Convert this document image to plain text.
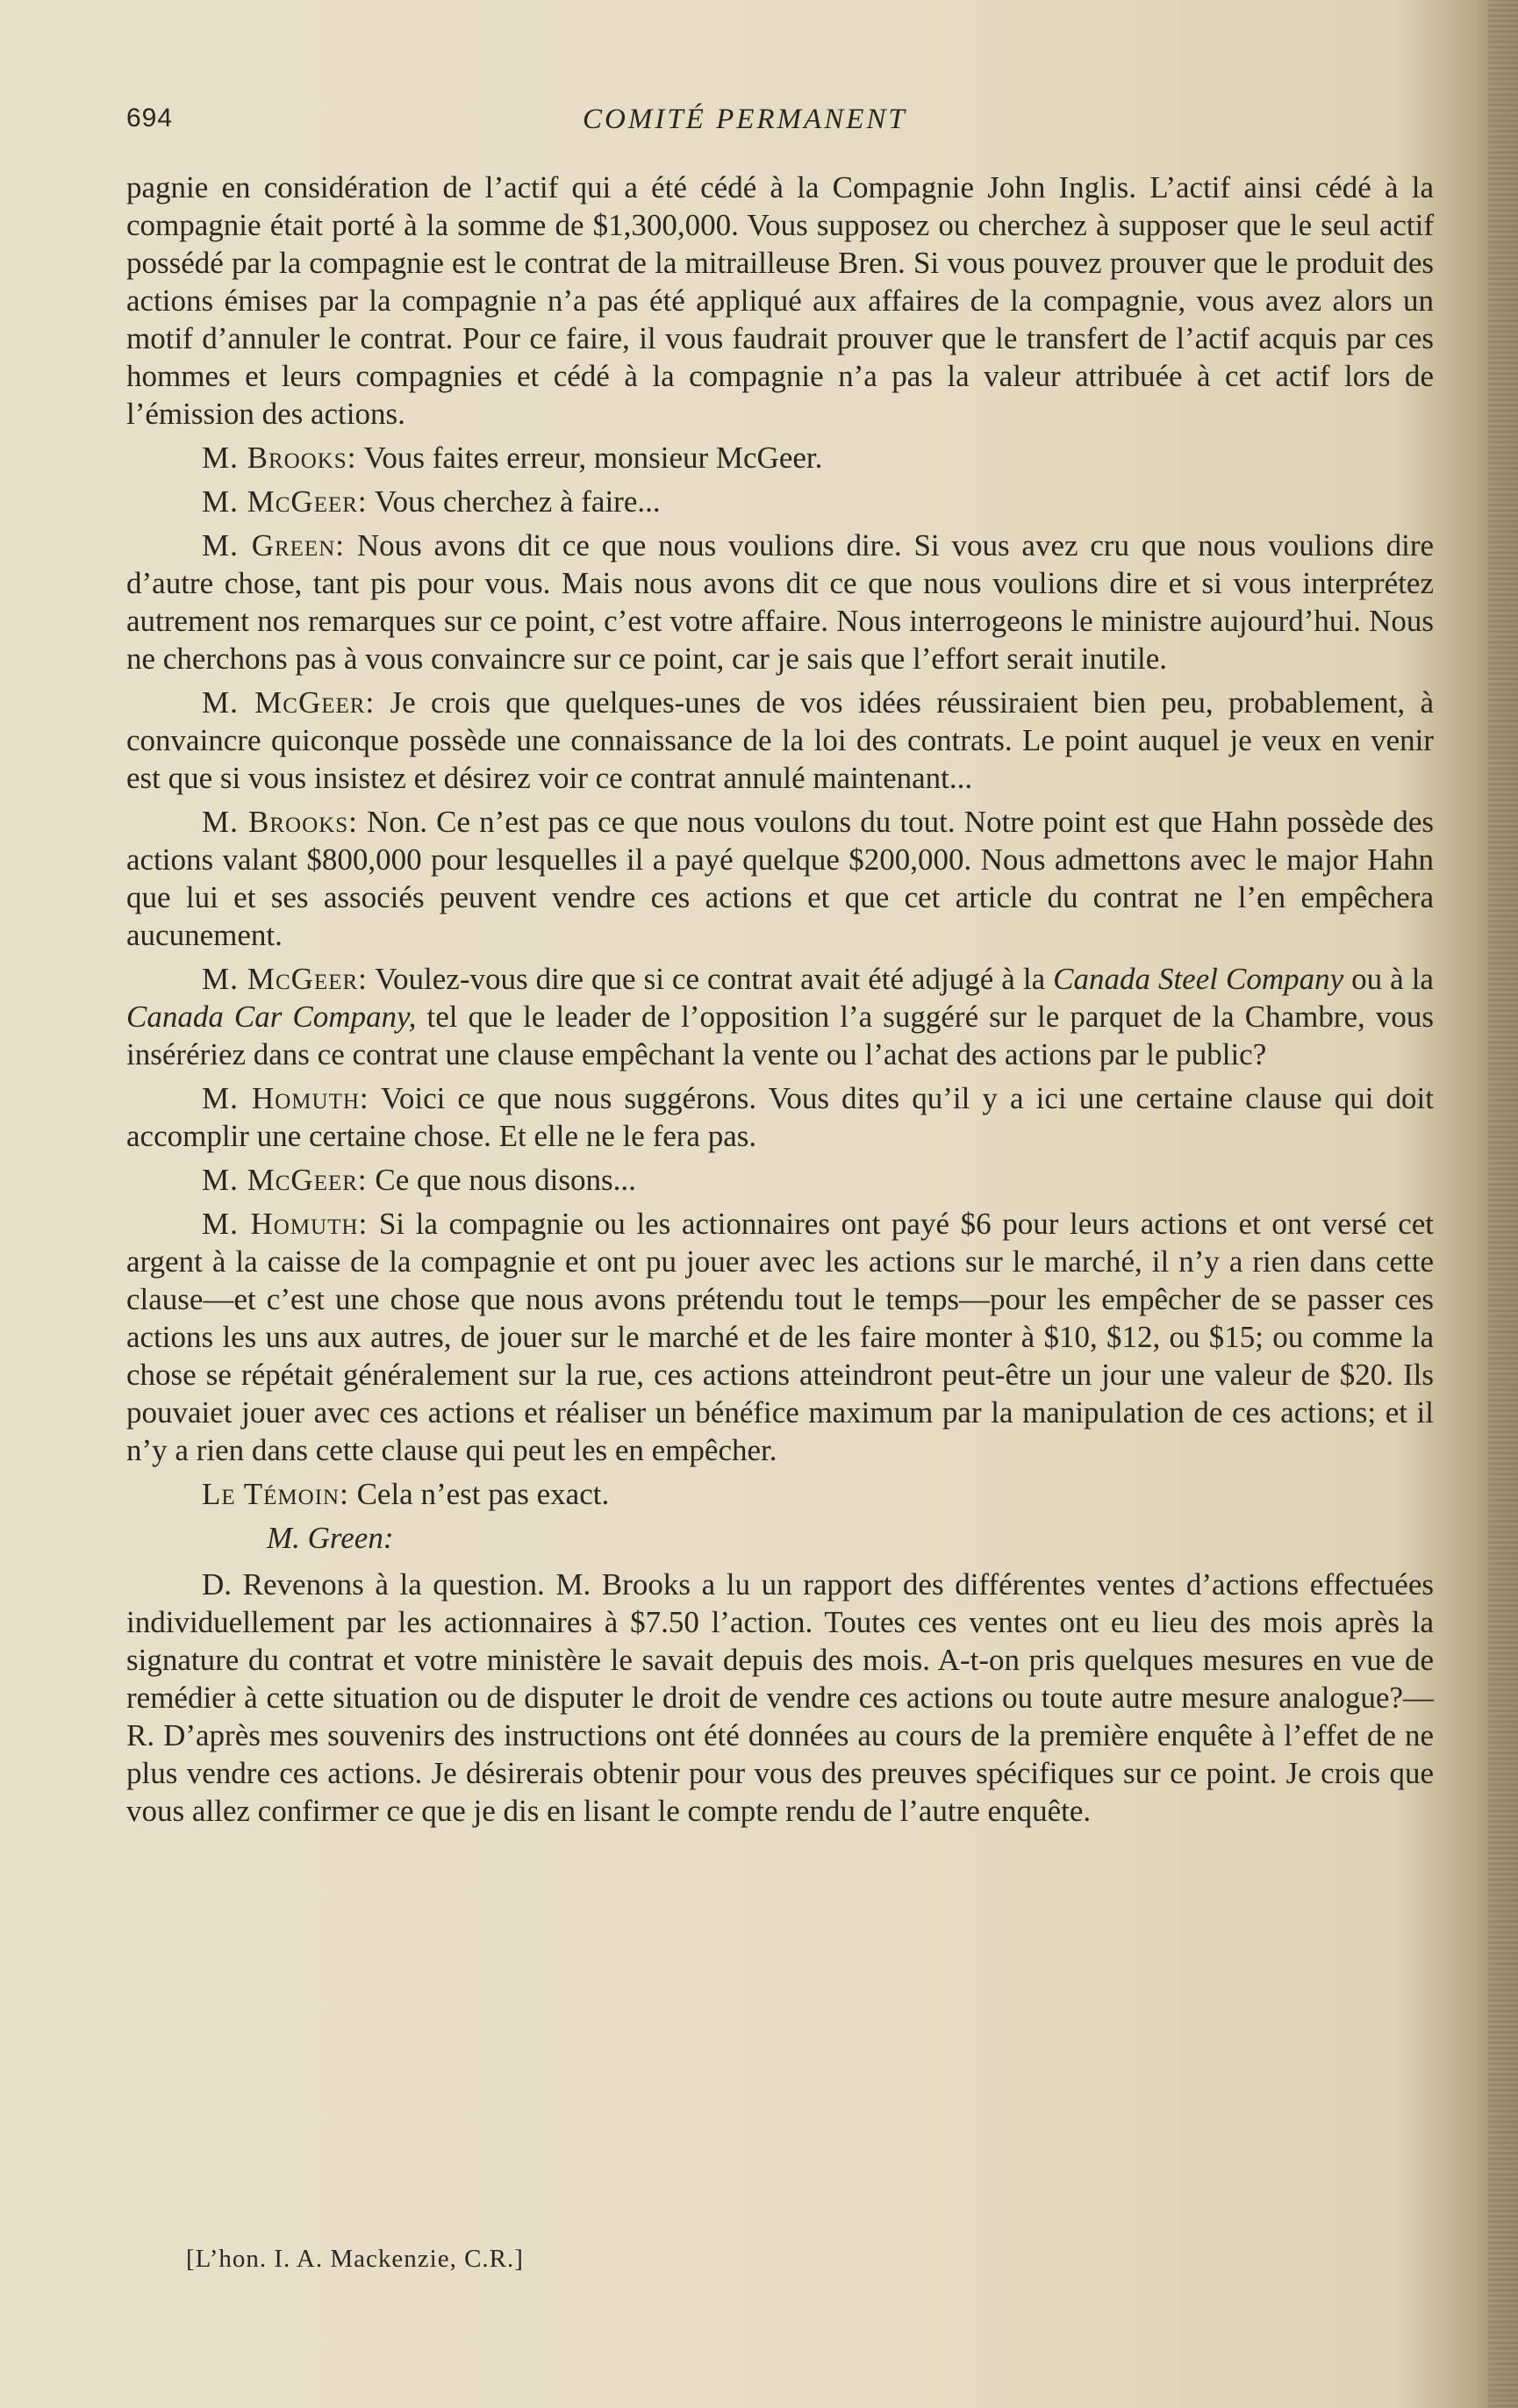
694	COMITÉ PERMANENT

pagnie en considération de l’actif qui a été cédé à la Compagnie John Inglis. L’actif ainsi cédé à la compagnie était porté à la somme de $1,300,000. Vous supposez ou cherchez à supposer que le seul actif possédé par la compagnie est le contrat de la mitrailleuse Bren. Si vous pouvez prouver que le produit des actions émises par la compagnie n’a pas été appliqué aux affaires de la compagnie, vous avez alors un motif d’annuler le contrat. Pour ce faire, il vous faudrait prouver que le transfert de l’actif acquis par ces hommes et leurs compagnies et cédé à la compagnie n’a pas la valeur attribuée à cet actif lors de l’émission des actions.

M. Brooks: Vous faites erreur, monsieur McGeer.

M. McGeer: Vous cherchez à faire...

M. Green: Nous avons dit ce que nous voulions dire. Si vous avez cru que nous voulions dire d’autre chose, tant pis pour vous. Mais nous avons dit ce que nous voulions dire et si vous interprétez autrement nos remarques sur ce point, c’est votre affaire. Nous interrogeons le ministre aujourd’hui. Nous ne cherchons pas à vous convaincre sur ce point, car je sais que l’effort serait inutile.

M. McGeer: Je crois que quelques-unes de vos idées réussiraient bien peu, probablement, à convaincre quiconque possède une connaissance de la loi des contrats. Le point auquel je veux en venir est que si vous insistez et désirez voir ce contrat annulé maintenant...

M. Brooks: Non. Ce n’est pas ce que nous voulons du tout. Notre point est que Hahn possède des actions valant $800,000 pour lesquelles il a payé quelque $200,000. Nous admettons avec le major Hahn que lui et ses associés peuvent vendre ces actions et que cet article du contrat ne l’en empêchera aucunement.

M. McGeer: Voulez-vous dire que si ce contrat avait été adjugé à la Canada Steel Company ou à la Canada Car Company, tel que le leader de l’opposition l’a suggéré sur le parquet de la Chambre, vous insérériez dans ce contrat une clause empêchant la vente ou l’achat des actions par le public?

M. Homuth: Voici ce que nous suggérons. Vous dites qu’il y a ici une certaine clause qui doit accomplir une certaine chose. Et elle ne le fera pas.

M. McGeer: Ce que nous disons...

M. Homuth: Si la compagnie ou les actionnaires ont payé $6 pour leurs actions et ont versé cet argent à la caisse de la compagnie et ont pu jouer avec les actions sur le marché, il n’y a rien dans cette clause—et c’est une chose que nous avons prétendu tout le temps—pour les empêcher de se passer ces actions les uns aux autres, de jouer sur le marché et de les faire monter à $10, $12, ou $15; ou comme la chose se répétait généralement sur la rue, ces actions atteindront peut-être un jour une valeur de $20. Ils pouvaiet jouer avec ces actions et réaliser un bénéfice maximum par la manipulation de ces actions; et il n’y a rien dans cette clause qui peut les en empêcher.

Le Témoin: Cela n’est pas exact.

M. Green:

D. Revenons à la question. M. Brooks a lu un rapport des différentes ventes d’actions effectuées individuellement par les actionnaires à $7.50 l’action. Toutes ces ventes ont eu lieu des mois après la signature du contrat et votre ministère le savait depuis des mois. A-t-on pris quelques mesures en vue de remédier à cette situation ou de disputer le droit de vendre ces actions ou toute autre mesure analogue?—R. D’après mes souvenirs des instructions ont été données au cours de la première enquête à l’effet de ne plus vendre ces actions. Je désirerais obtenir pour vous des preuves spécifiques sur ce point. Je crois que vous allez confirmer ce que je dis en lisant le compte rendu de l’autre enquête.

[L’hon. I. A. Mackenzie, C.R.]
